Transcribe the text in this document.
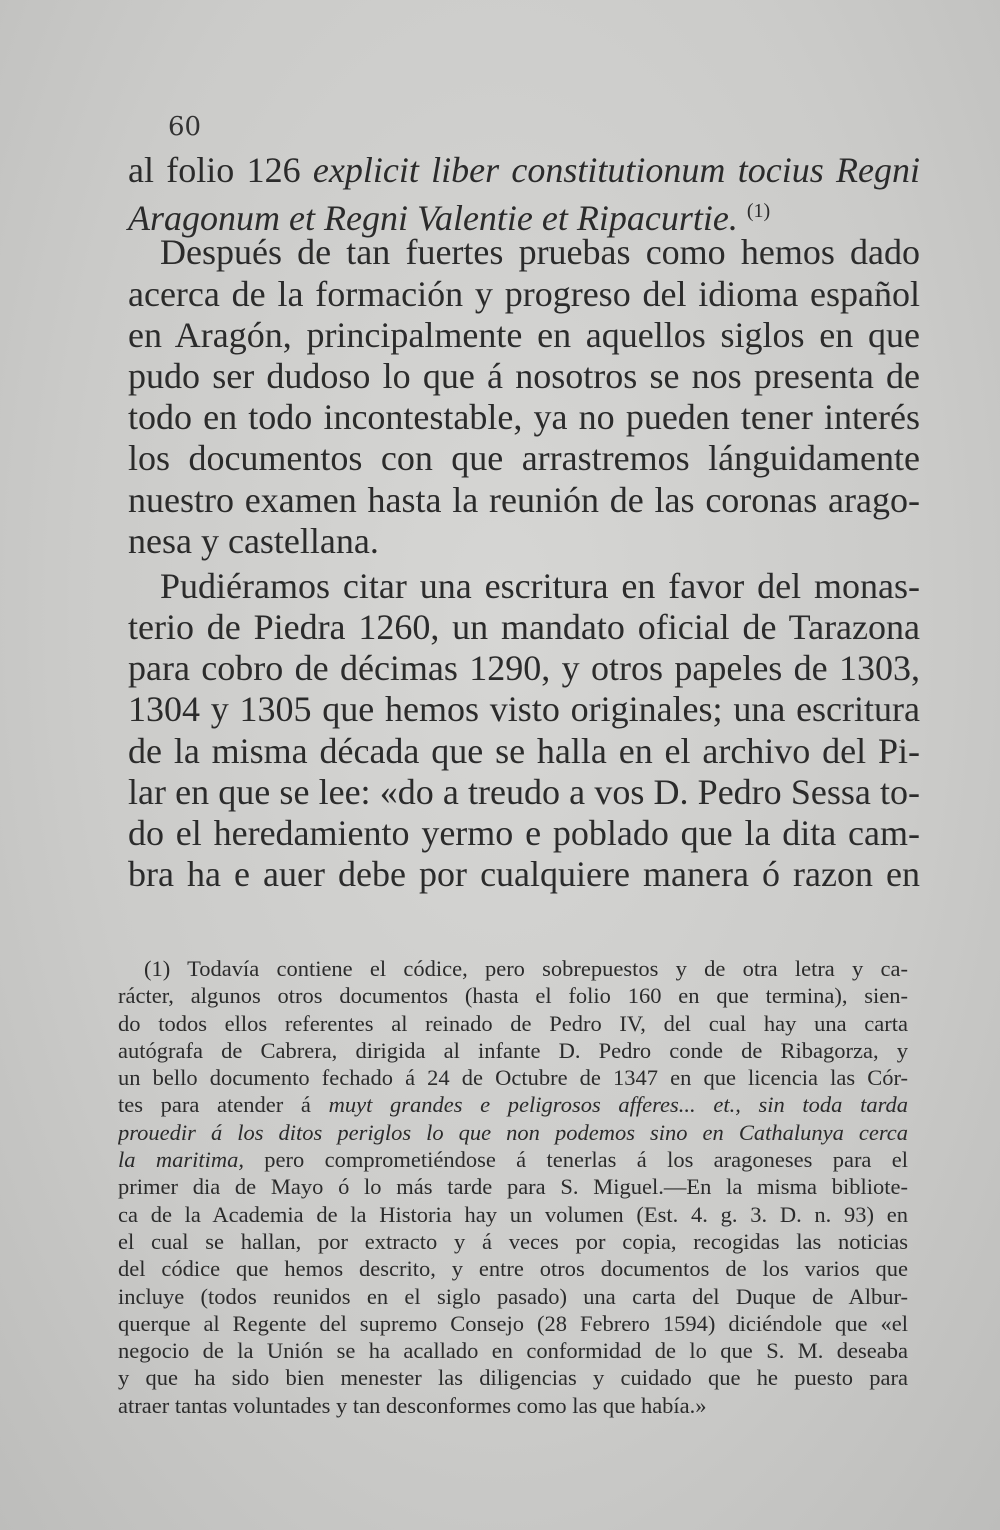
60
al folio 126 explicit liber constitutionum tocius Regni
Aragonum et Regni Valentie et Ripacurtie. $^{(1)}$
Después de tan fuertes pruebas como hemos dado
acerca de la formación y progreso del idioma español
en Aragón, principalmente en aquellos siglos en que
pudo ser dudoso lo que á nosotros se nos presenta de
todo en todo incontestable, ya no pueden tener interés
los documentos con que arrastremos lánguidamente
nuestro examen hasta la reunión de las coronas arago-
nesa y castellana.
Pudiéramos citar una escritura en favor del monas-
terio de Piedra 1260, un mandato oficial de Tarazona
para cobro de décimas 1290, y otros papeles de 1303,
1304 y 1305 que hemos visto originales; una escritura
de la misma década que se halla en el archivo del Pi-
lar en que se lee: «do a treudo a vos D. Pedro Sessa to-
do el heredamiento yermo e poblado que la dita cam-
bra ha e auer debe por cualquiere manera ó razon en
(1) Todavía contiene el códice, pero sobrepuestos y de otra letra y ca-
rácter, algunos otros documentos (hasta el folio 160 en que termina), sien-
do todos ellos referentes al reinado de Pedro IV, del cual hay una carta
autógrafa de Cabrera, dirigida al infante D. Pedro conde de Ribagorza, y
un bello documento fechado á 24 de Octubre de 1347 en que licencia las Cór-
tes para atender á muyt grandes e peligrosos afferes... et., sin toda tarda
prouedir á los ditos periglos lo que non podemos sino en Cathalunya cerca
la maritima, pero comprometiéndose á tenerlas á los aragoneses para el
primer dia de Mayo ó lo más tarde para S. Miguel.—En la misma bibliote-
ca de la Academia de la Historia hay un volumen (Est. 4. g. 3. D. n. 93) en
el cual se hallan, por extracto y á veces por copia, recogidas las noticias
del códice que hemos descrito, y entre otros documentos de los varios que
incluye (todos reunidos en el siglo pasado) una carta del Duque de Albur-
querque al Regente del supremo Consejo (28 Febrero 1594) diciéndole que «el
negocio de la Unión se ha acallado en conformidad de lo que S. M. deseaba
y que ha sido bien menester las diligencias y cuidado que he puesto para
atraer tantas voluntades y tan desconformes como las que había.»
